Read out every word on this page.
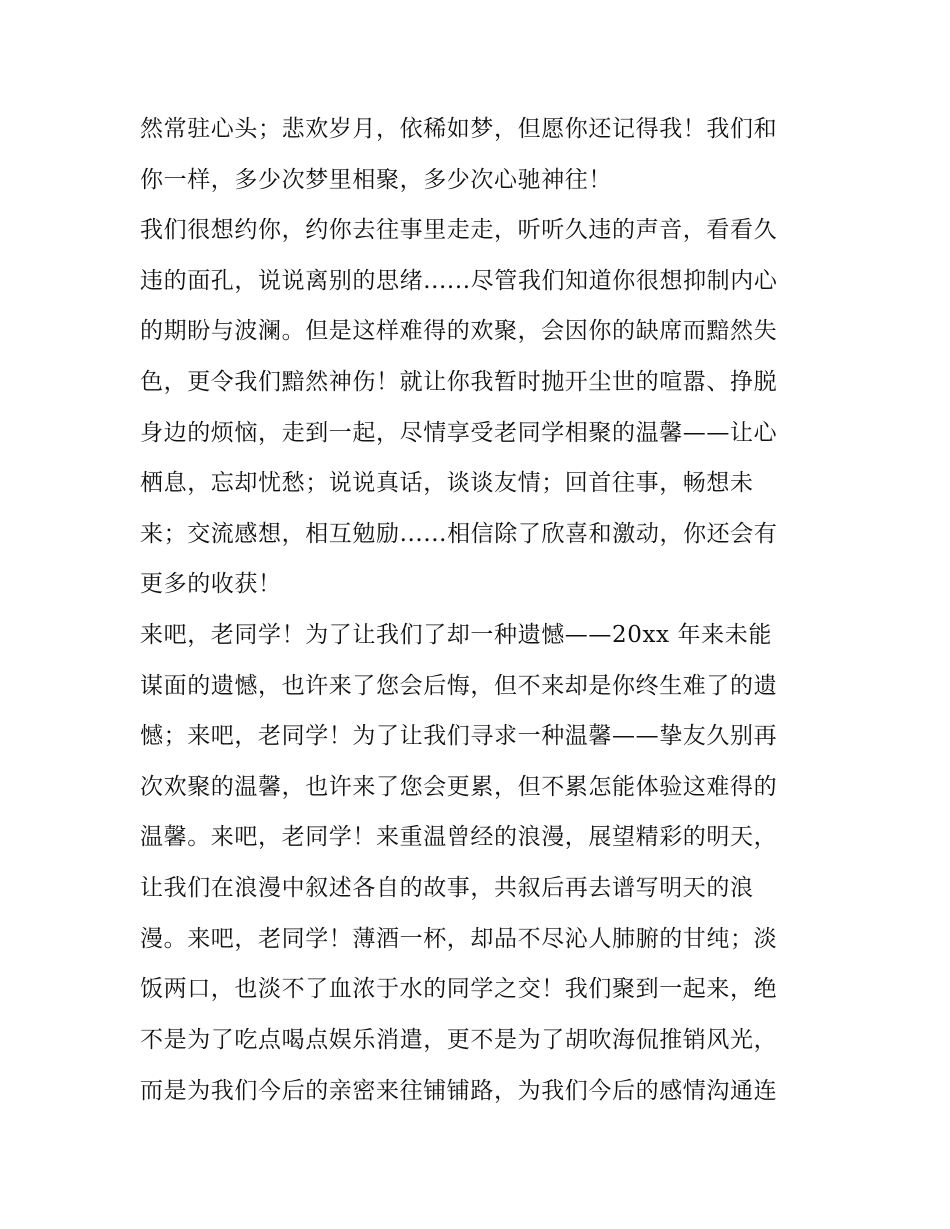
然常驻心头；悲欢岁月，依稀如梦，但愿你还记得我！我们和
你一样，多少次梦里相聚，多少次心驰神往！
我们很想约你，约你去往事里走走，听听久违的声音，看看久
违的面孔，说说离别的思绪......尽管我们知道你很想抑制内心
的期盼与波澜。但是这样难得的欢聚，会因你的缺席而黯然失
色，更令我们黯然神伤！就让你我暂时抛开尘世的喧嚣、挣脱
身边的烦恼，走到一起，尽情享受老同学相聚的温馨——让心
栖息，忘却忧愁；说说真话，谈谈友情；回首往事，畅想未
来；交流感想，相互勉励......相信除了欣喜和激动，你还会有
更多的收获！
来吧，老同学！为了让我们了却一种遗憾——20xx 年来未能
谋面的遗憾，也许来了您会后悔，但不来却是你终生难了的遗
憾；来吧，老同学！为了让我们寻求一种温馨——挚友久别再
次欢聚的温馨，也许来了您会更累，但不累怎能体验这难得的
温馨。来吧，老同学！来重温曾经的浪漫，展望精彩的明天，
让我们在浪漫中叙述各自的故事，共叙后再去谱写明天的浪
漫。来吧，老同学！薄酒一杯，却品不尽沁人肺腑的甘纯；淡
饭两口，也淡不了血浓于水的同学之交！我们聚到一起来，绝
不是为了吃点喝点娱乐消遣，更不是为了胡吹海侃推销风光，
而是为我们今后的亲密来往铺铺路，为我们今后的感情沟通连
